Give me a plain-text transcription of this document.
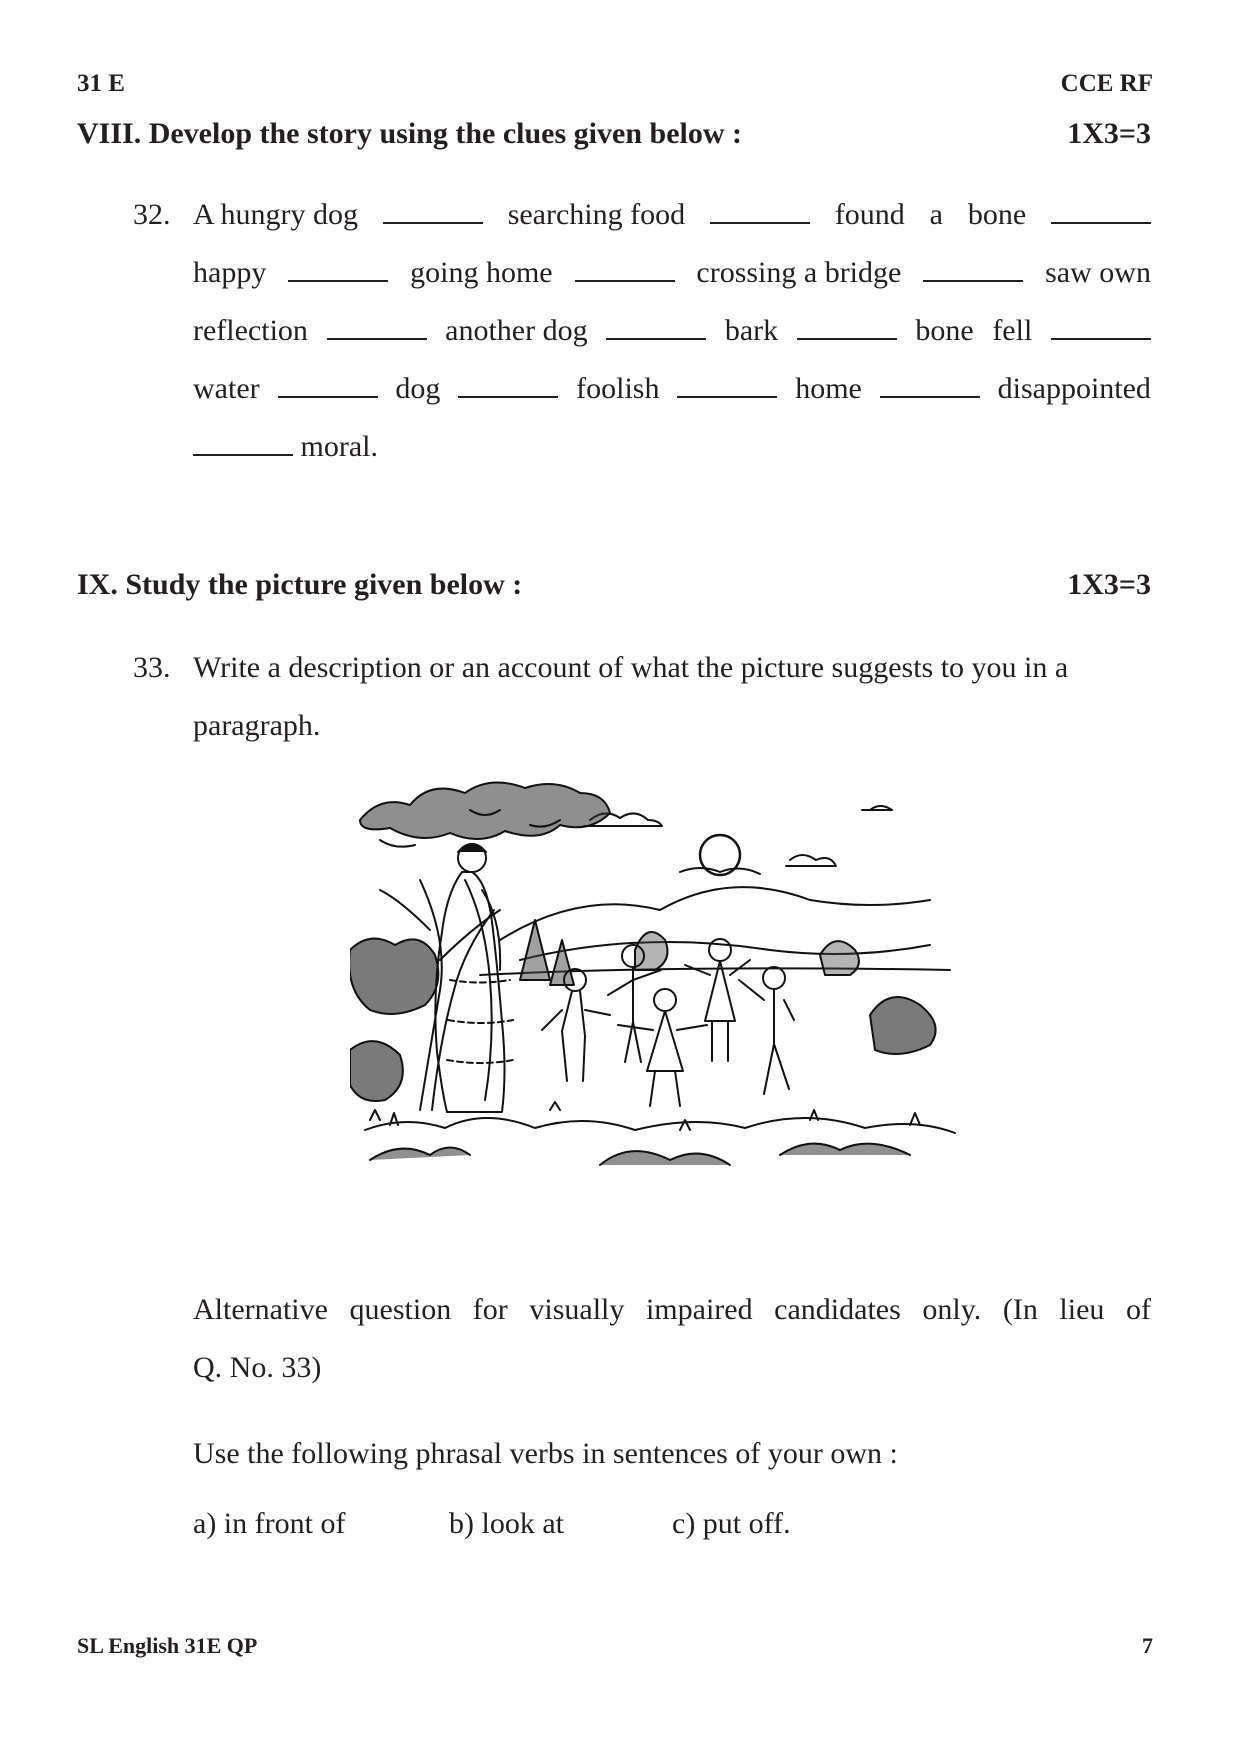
31 E	CCE RF
VIII. Develop the story using the clues given below :	1X3=3
32. A hungry dog	searching food	found a bone
happy	going home	crossing a bridge	saw own
reflection	another dog	bark	bone fell
water	dog	foolish	home	disappointed
moral.
IX. Study the picture given below :	1X3=3
33. Write a description or an account of what the picture suggests to you in a
paragraph.
Alternative question for visually impaired candidates only. (In lieu of
Q. No. 33)
Use the following phrasal verbs in sentences of your own :
a) in front of	b) look at	c) put off.
SL English 31E QP	7
